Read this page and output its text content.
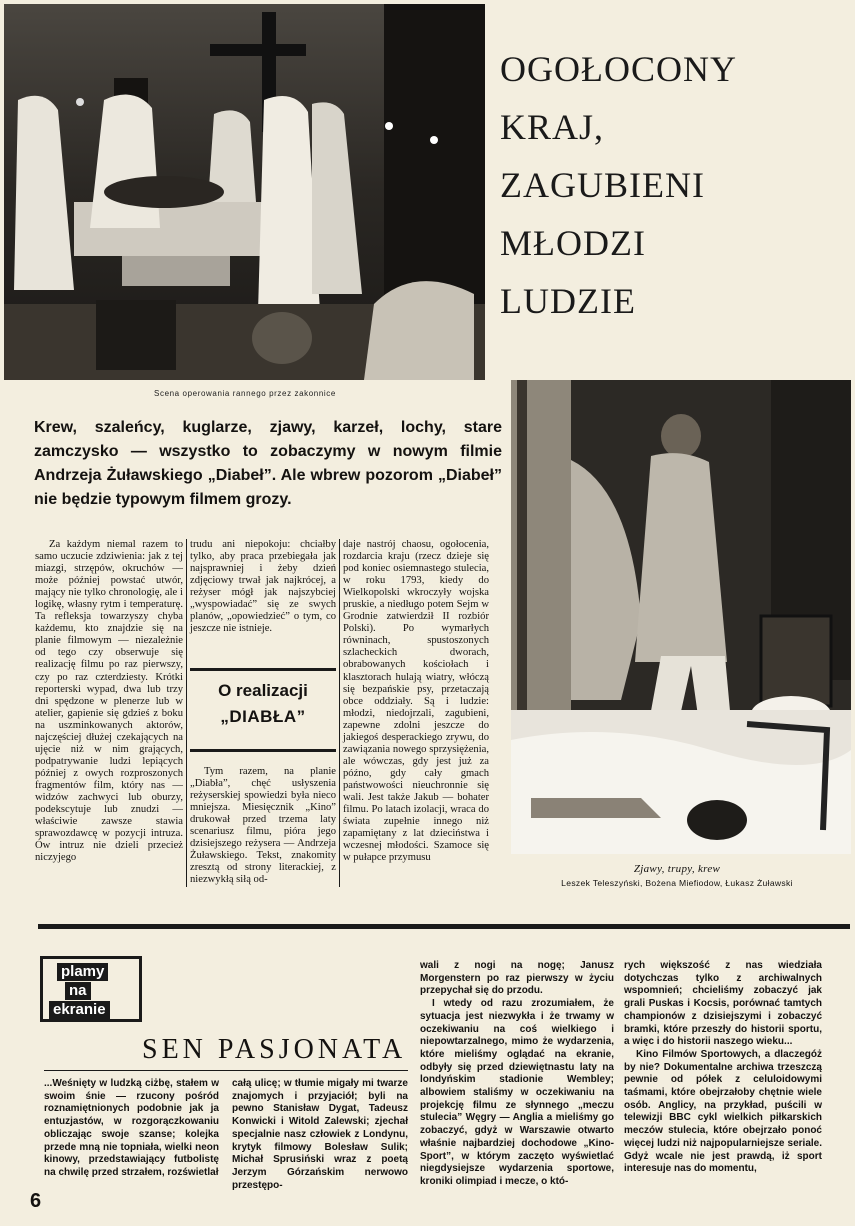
Scena operowania rannego przez zakonnice
OGOŁOCONY
KRAJ,
ZAGUBIENI
MŁODZI
LUDZIE
Zjawy, trupy, krew
Leszek Teleszyński, Bożena Miefiodow, Łukasz Żuławski
Krew, szaleńcy, kuglarze, zjawy, karzeł, lochy, stare zamczysko — wszystko to zobaczymy w nowym filmie Andrzeja Żuławskiego „Diabeł”. Ale wbrew pozorom „Diabeł” nie będzie typowym filmem grozy.

Za każdym niemal razem to samo uczucie zdziwienia: jak z tej miazgi, strzępów, okruchów — może później powstać utwór, mający nie tylko chronologię, ale i logikę, własny rytm i temperaturę. Ta refleksja towarzyszy chyba każdemu, kto znajdzie się na planie filmowym — niezależnie od tego czy obserwuje się realizację filmu po raz pierwszy, czy po raz czterdziesty. Krótki reporterski wypad, dwa lub trzy dni spędzone w plenerze lub w atelier, gapienie się gdzieś z boku na uszminkowanych aktorów, najczęściej dłużej czekających na ujęcie niż w nim grających, podpatrywanie ludzi lepiących później z owych rozproszonych fragmentów film, który nas — widzów zachwyci lub oburzy, podekscytuje lub znudzi — właściwie zawsze stawia sprawozdawcę w pozycji intruza. Ów intruz nie dzieli przecież niczyjego

trudu ani niepokoju: chciałby tylko, aby praca przebiegała jak najsprawniej i żeby dzień zdjęciowy trwał jak najkrócej, a reżyser mógł jak najszybciej „wyspowiadać” się ze swych planów, „opowiedzieć” o tym, co jeszcze nie istnieje.

O realizacji
„DIABŁA”

Tym razem, na planie „Diabła”, chęć usłyszenia reżyserskiej spowiedzi była nieco mniejsza. Miesięcznik „Kino” drukował przed trzema laty scenariusz filmu, pióra jego dzisiejszego reżysera — Andrzeja Żuławskiego. Tekst, znakomity zresztą od strony literackiej, z niezwykłą siłą od-

daje nastrój chaosu, ogołocenia, rozdarcia kraju (rzecz dzieje się pod koniec osiemnastego stulecia, w roku 1793, kiedy do Wielkopolski wkroczyły wojska pruskie, a niedługo potem Sejm w Grodnie zatwierdził II rozbiór Polski). Po wymarłych równinach, spustoszonych szlacheckich dworach, obrabowanych kościołach i klasztorach hulają wiatry, włóczą się bezpańskie psy, przetaczają obce oddziały. Są i ludzie: młodzi, niedojrzali, zagubieni, zapewne zdolni jeszcze do jakiegoś desperackiego zrywu, do zawiązania nowego sprzysiężenia, ale wówczas, gdy jest już za późno, gdy cały gmach państwowości nieuchronnie się wali. Jest także Jakub — bohater filmu. Po latach izolacji, wraca do świata zupełnie innego niż zapamiętany z lat dzieciństwa i wczesnej młodości. Szamoce się w pułapce przymusu

plamy
na
ekranie
SEN PASJONATA
...Weśnięty w ludzką ciżbę, stałem w swoim śnie — rzucony pośród roznamiętnionych podobnie jak ja entuzjastów, w rozgorączkowaniu obliczając swoje szanse; kolejka przede mną nie topniała, wielki neon kinowy, przedstawiający futbolistę na chwilę przed strzałem, rozświetlał
całą ulicę; w tłumie migały mi twarze znajomych i przyjaciół; byli na pewno Stanisław Dygat, Tadeusz Konwicki i Witold Zalewski; zjechał specjalnie nasz człowiek z Londynu, krytyk filmowy Bolesław Sulik; Michał Sprusiński wraz z poetą Jerzym Górzańskim nerwowo przestępo-
wali z nogi na nogę; Janusz Morgenstern po raz pierwszy w życiu przepychał się do przodu.
I wtedy od razu zrozumiałem, że sytuacja jest niezwykła i że trwamy w oczekiwaniu na coś wielkiego i niepowtarzalnego, mimo że wydarzenia, które mieliśmy oglądać na ekranie, odbyły się przed dziewiętnastu laty na londyńskim stadionie Wembley; albowiem staliśmy w oczekiwaniu na projekcję filmu ze słynnego „meczu stulecia” Węgry — Anglia a mieliśmy go zobaczyć, gdyż w Warszawie otwarto właśnie najbardziej dochodowe „Kino-Sport”, w którym zaczęto wyświetlać niegdysiejsze wydarzenia sportowe, kroniki olimpiad i mecze, o któ-
rych większość z nas wiedziała dotychczas tylko z archiwalnych wspomnień; chcieliśmy zobaczyć jak grali Puskas i Kocsis, porównać tamtych championów z dzisiejszymi i zobaczyć bramki, które przeszły do historii sportu, a więc i do historii naszego wieku...
Kino Filmów Sportowych, a dlaczegóż by nie? Dokumentalne archiwa trzeszczą pewnie od półek z celuloidowymi taśmami, które obejrzałoby chętnie wiele osób. Anglicy, na przykład, puścili w telewizji BBC cykl wielkich piłkarskich meczów stulecia, które obejrzało ponoć więcej ludzi niż najpopularniejsze seriale. Gdyż wcale nie jest prawdą, iż sport interesuje nas do momentu,
6
